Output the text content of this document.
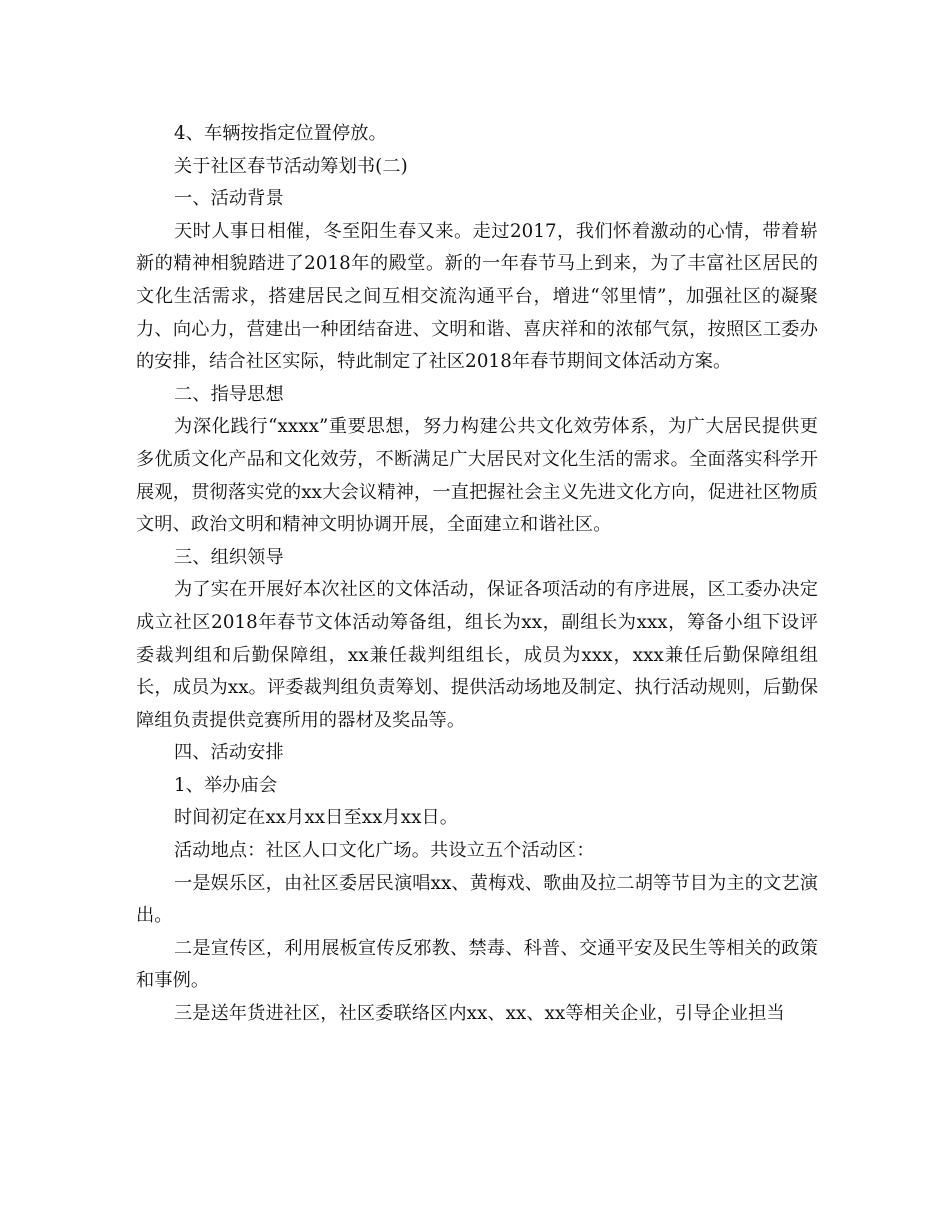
4、车辆按指定位置停放。

关于社区春节活动筹划书(二)

一、活动背景

天时人事日相催，冬至阳生春又来。走过2017，我们怀着激动的心情，带着崭新的精神相貌踏进了2018年的殿堂。新的一年春节马上到来，为了丰富社区居民的文化生活需求，搭建居民之间互相交流沟通平台，增进“邻里情”，加强社区的凝聚力、向心力，营建出一种团结奋进、文明和谐、喜庆祥和的浓郁气氛，按照区工委办的安排，结合社区实际，特此制定了社区2018年春节期间文体活动方案。

二、指导思想

为深化践行“xxxx”重要思想，努力构建公共文化效劳体系，为广大居民提供更多优质文化产品和文化效劳，不断满足广大居民对文化生活的需求。全面落实科学开展观，贯彻落实党的xx大会议精神，一直把握社会主义先进文化方向，促进社区物质文明、政治文明和精神文明协调开展，全面建立和谐社区。

三、组织领导

为了实在开展好本次社区的文体活动，保证各项活动的有序进展，区工委办决定成立社区2018年春节文体活动筹备组，组长为xx，副组长为xxx，筹备小组下设评委裁判组和后勤保障组，xx兼任裁判组组长，成员为xxx，xxx兼任后勤保障组组长，成员为xx。评委裁判组负责筹划、提供活动场地及制定、执行活动规则，后勤保障组负责提供竞赛所用的器材及奖品等。

四、活动安排

1、举办庙会

时间初定在xx月xx日至xx月xx日。

活动地点：社区人口文化广场。共设立五个活动区：

一是娱乐区，由社区委居民演唱xx、黄梅戏、歌曲及拉二胡等节目为主的文艺演出。

二是宣传区，利用展板宣传反邪教、禁毒、科普、交通平安及民生等相关的政策和事例。

三是送年货进社区，社区委联络区内xx、xx、xx等相关企业，引导企业担当
